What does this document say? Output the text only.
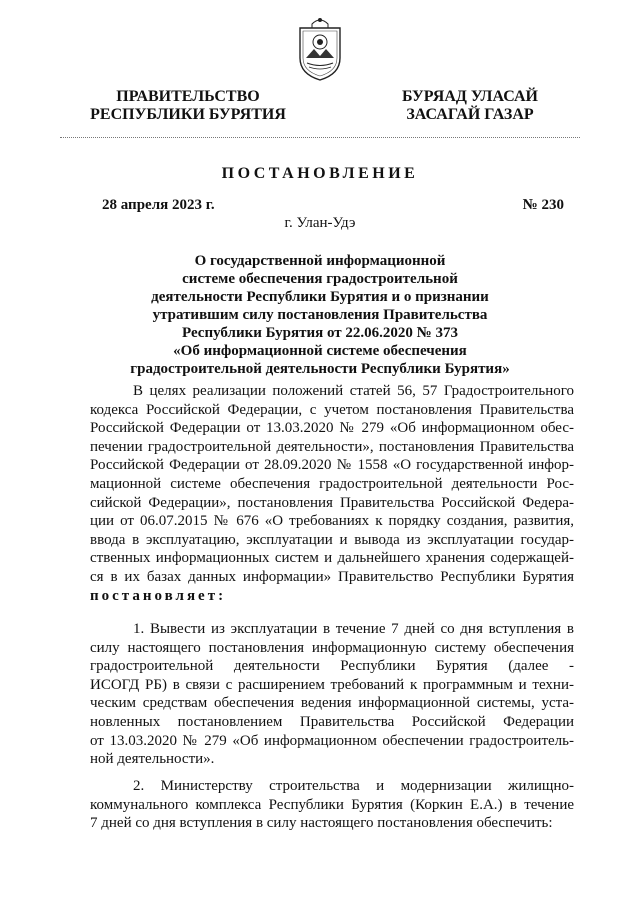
ПРАВИТЕЛЬСТВО
РЕСПУБЛИКИ БУРЯТИЯ
БУРЯАД УЛАСАЙ
ЗАСАГАЙ ГАЗАР
ПОСТАНОВЛЕНИЕ
28 апреля 2023 г.	№ 230
г. Улан-Удэ
О государственной информационной
системе обеспечения градостроительной
деятельности Республики Бурятия и о признании
утратившим силу постановления Правительства
Республики Бурятия от 22.06.2020 № 373
«Об информационной системе обеспечения
градостроительной деятельности Республики Бурятия»
В целях реализации положений статей 56, 57 Градостроительного
кодекса Российской Федерации, с учетом постановления Правительства
Российской Федерации от 13.03.2020 № 279 «Об информационном обес-
печении градостроительной деятельности», постановления Правительства
Российской Федерации от 28.09.2020 № 1558 «О государственной инфор-
мационной системе обеспечения градостроительной деятельности Рос-
сийской Федерации», постановления Правительства Российской Федера-
ции от 06.07.2015 № 676 «О требованиях к порядку создания, развития,
ввода в эксплуатацию, эксплуатации и вывода из эксплуатации государ-
ственных информационных систем и дальнейшего хранения содержащей-
ся в их базах данных информации» Правительство Республики Бурятия
постановляет:
1. Вывести из эксплуатации в течение 7 дней со дня вступления в
силу настоящего постановления информационную систему обеспечения
градостроительной деятельности Республики Бурятия (далее -
ИСОГД РБ) в связи с расширением требований к программным и техни-
ческим средствам обеспечения ведения информационной системы, уста-
новленных постановлением Правительства Российской Федерации
от 13.03.2020 № 279 «Об информационном обеспечении градостроитель-
ной деятельности».
2. Министерству строительства и модернизации жилищно-
коммунального комплекса Республики Бурятия (Коркин Е.А.) в течение
7 дней со дня вступления в силу настоящего постановления обеспечить:
